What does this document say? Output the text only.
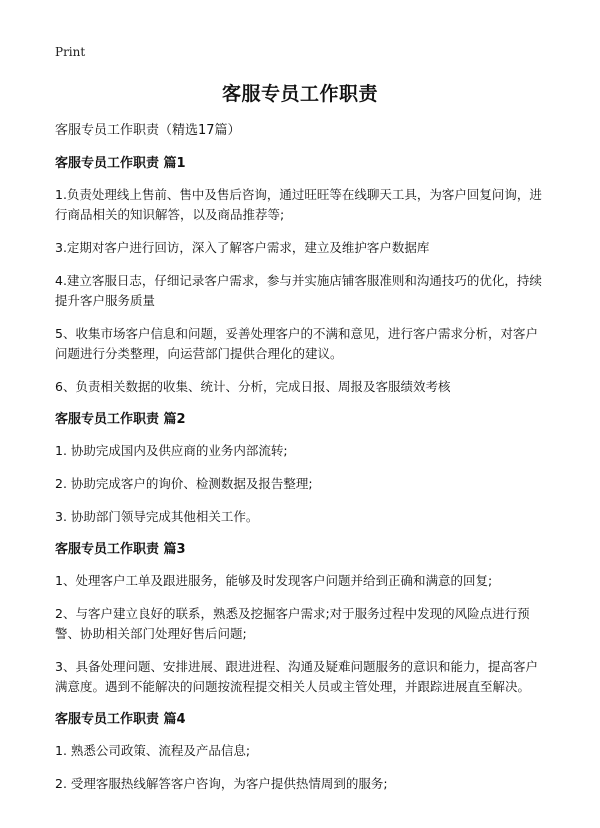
Print
客服专员工作职责

客服专员工作职责（精选17篇）

客服专员工作职责 篇1

1.负责处理线上售前、售中及售后咨询，通过旺旺等在线聊天工具，为客户回复问询，进行商品相关的知识解答，以及商品推荐等;

3.定期对客户进行回访，深入了解客户需求，建立及维护客户数据库

4.建立客服日志，仔细记录客户需求，参与并实施店铺客服准则和沟通技巧的优化，持续提升客户服务质量

5、收集市场客户信息和问题，妥善处理客户的不满和意见，进行客户需求分析，对客户问题进行分类整理，向运营部门提供合理化的建议。

6、负责相关数据的收集、统计、分析，完成日报、周报及客服绩效考核

客服专员工作职责 篇2

1. 协助完成国内及供应商的业务内部流转;

2. 协助完成客户的询价、检测数据及报告整理;

3. 协助部门领导完成其他相关工作。

客服专员工作职责 篇3

1、处理客户工单及跟进服务，能够及时发现客户问题并给到正确和满意的回复;

2、与客户建立良好的联系，熟悉及挖掘客户需求;对于服务过程中发现的风险点进行预警、协助相关部门处理好售后问题;

3、具备处理问题、安排进展、跟进进程、沟通及疑难问题服务的意识和能力，提高客户满意度。遇到不能解决的问题按流程提交相关人员或主管处理，并跟踪进展直至解决。

客服专员工作职责 篇4

1. 熟悉公司政策、流程及产品信息;

2. 受理客服热线解答客户咨询，为客户提供热情周到的服务;
